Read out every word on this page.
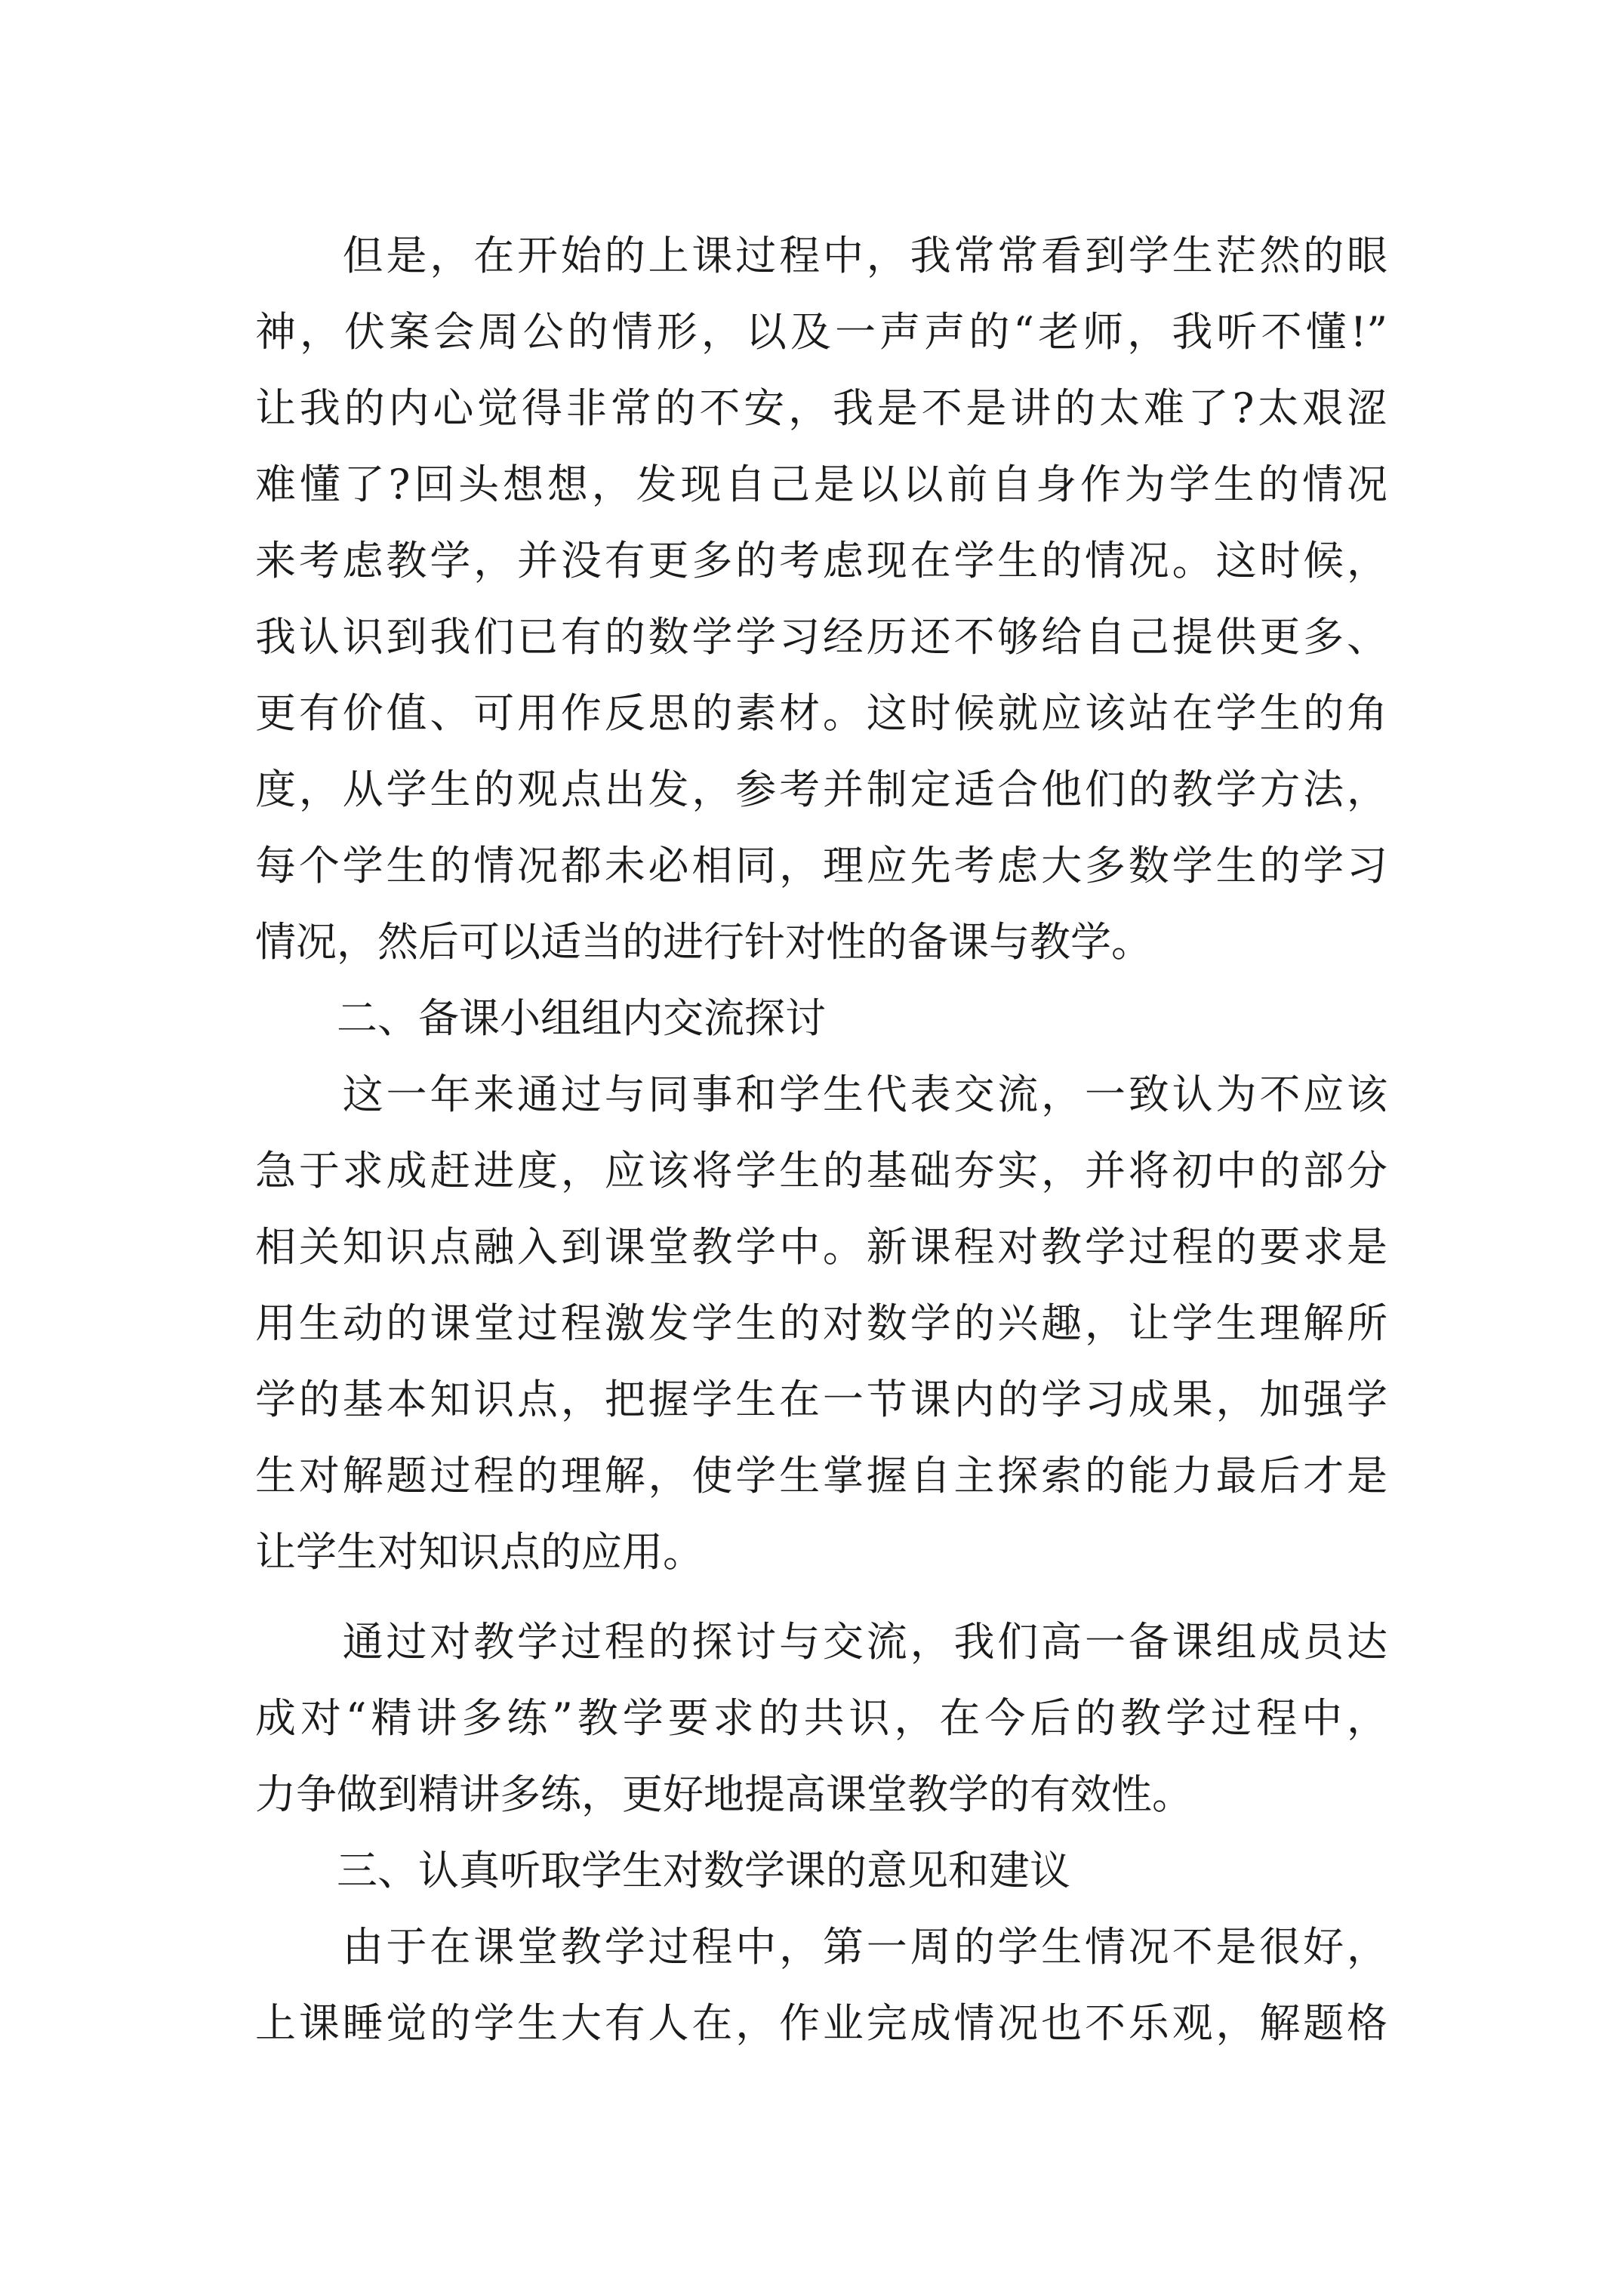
　　但是，在开始的上课过程中，我常常看到学生茫然的眼
神，伏案会周公的情形，以及一声声的“老师，我听不懂!”
让我的内心觉得非常的不安，我是不是讲的太难了?太艰涩
难懂了?回头想想，发现自己是以以前自身作为学生的情况
来考虑教学，并没有更多的考虑现在学生的情况。这时候，
我认识到我们已有的数学学习经历还不够给自己提供更多、
更有价值、可用作反思的素材。这时候就应该站在学生的角
度，从学生的观点出发，参考并制定适合他们的教学方法，
每个学生的情况都未必相同，理应先考虑大多数学生的学习
情况，然后可以适当的进行针对性的备课与教学。
　　二、备课小组组内交流探讨
　　这一年来通过与同事和学生代表交流，一致认为不应该
急于求成赶进度，应该将学生的基础夯实，并将初中的部分
相关知识点融入到课堂教学中。新课程对教学过程的要求是
用生动的课堂过程激发学生的对数学的兴趣，让学生理解所
学的基本知识点，把握学生在一节课内的学习成果，加强学
生对解题过程的理解，使学生掌握自主探索的能力最后才是
让学生对知识点的应用。
　　通过对教学过程的探讨与交流，我们高一备课组成员达
成对“精讲多练”教学要求的共识，在今后的教学过程中，
力争做到精讲多练，更好地提高课堂教学的有效性。
　　三、认真听取学生对数学课的意见和建议
　　由于在课堂教学过程中，第一周的学生情况不是很好，
上课睡觉的学生大有人在，作业完成情况也不乐观，解题格
